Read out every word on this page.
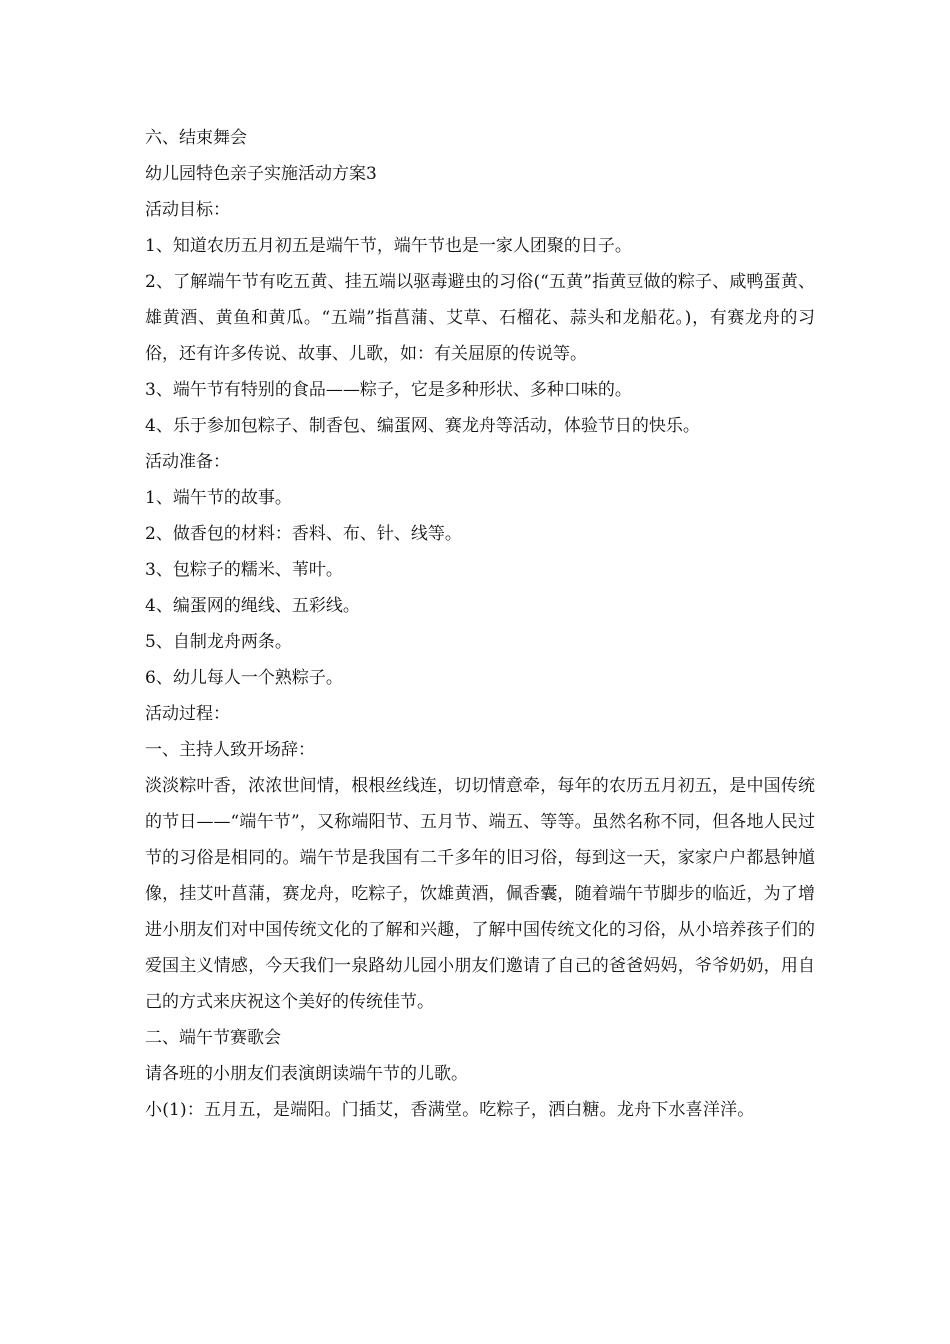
六、结束舞会

幼儿园特色亲子实施活动方案3

活动目标：

1、知道农历五月初五是端午节，端午节也是一家人团聚的日子。

2、了解端午节有吃五黄、挂五端以驱毒避虫的习俗(“五黄”指黄豆做的粽子、咸鸭蛋黄、雄黄酒、黄鱼和黄瓜。“五端”指菖蒲、艾草、石榴花、蒜头和龙船花。)，有赛龙舟的习俗，还有许多传说、故事、儿歌，如：有关屈原的传说等。

3、端午节有特别的食品——粽子，它是多种形状、多种口味的。

4、乐于参加包粽子、制香包、编蛋网、赛龙舟等活动，体验节日的快乐。

活动准备：

1、端午节的故事。

2、做香包的材料：香料、布、针、线等。

3、包粽子的糯米、苇叶。

4、编蛋网的绳线、五彩线。

5、自制龙舟两条。

6、幼儿每人一个熟粽子。

活动过程：

一、主持人致开场辞：

淡淡粽叶香，浓浓世间情，根根丝线连，切切情意牵，每年的农历五月初五，是中国传统的节日——“端午节”，又称端阳节、五月节、端五、等等。虽然名称不同，但各地人民过节的习俗是相同的。端午节是我国有二千多年的旧习俗，每到这一天，家家户户都悬钟馗像，挂艾叶菖蒲，赛龙舟，吃粽子，饮雄黄酒，佩香囊，随着端午节脚步的临近，为了增进小朋友们对中国传统文化的了解和兴趣，了解中国传统文化的习俗，从小培养孩子们的爱国主义情感，今天我们一泉路幼儿园小朋友们邀请了自己的爸爸妈妈，爷爷奶奶，用自己的方式来庆祝这个美好的传统佳节。

二、端午节赛歌会

请各班的小朋友们表演朗读端午节的儿歌。

小(1)：五月五，是端阳。门插艾，香满堂。吃粽子，洒白糖。龙舟下水喜洋洋。
